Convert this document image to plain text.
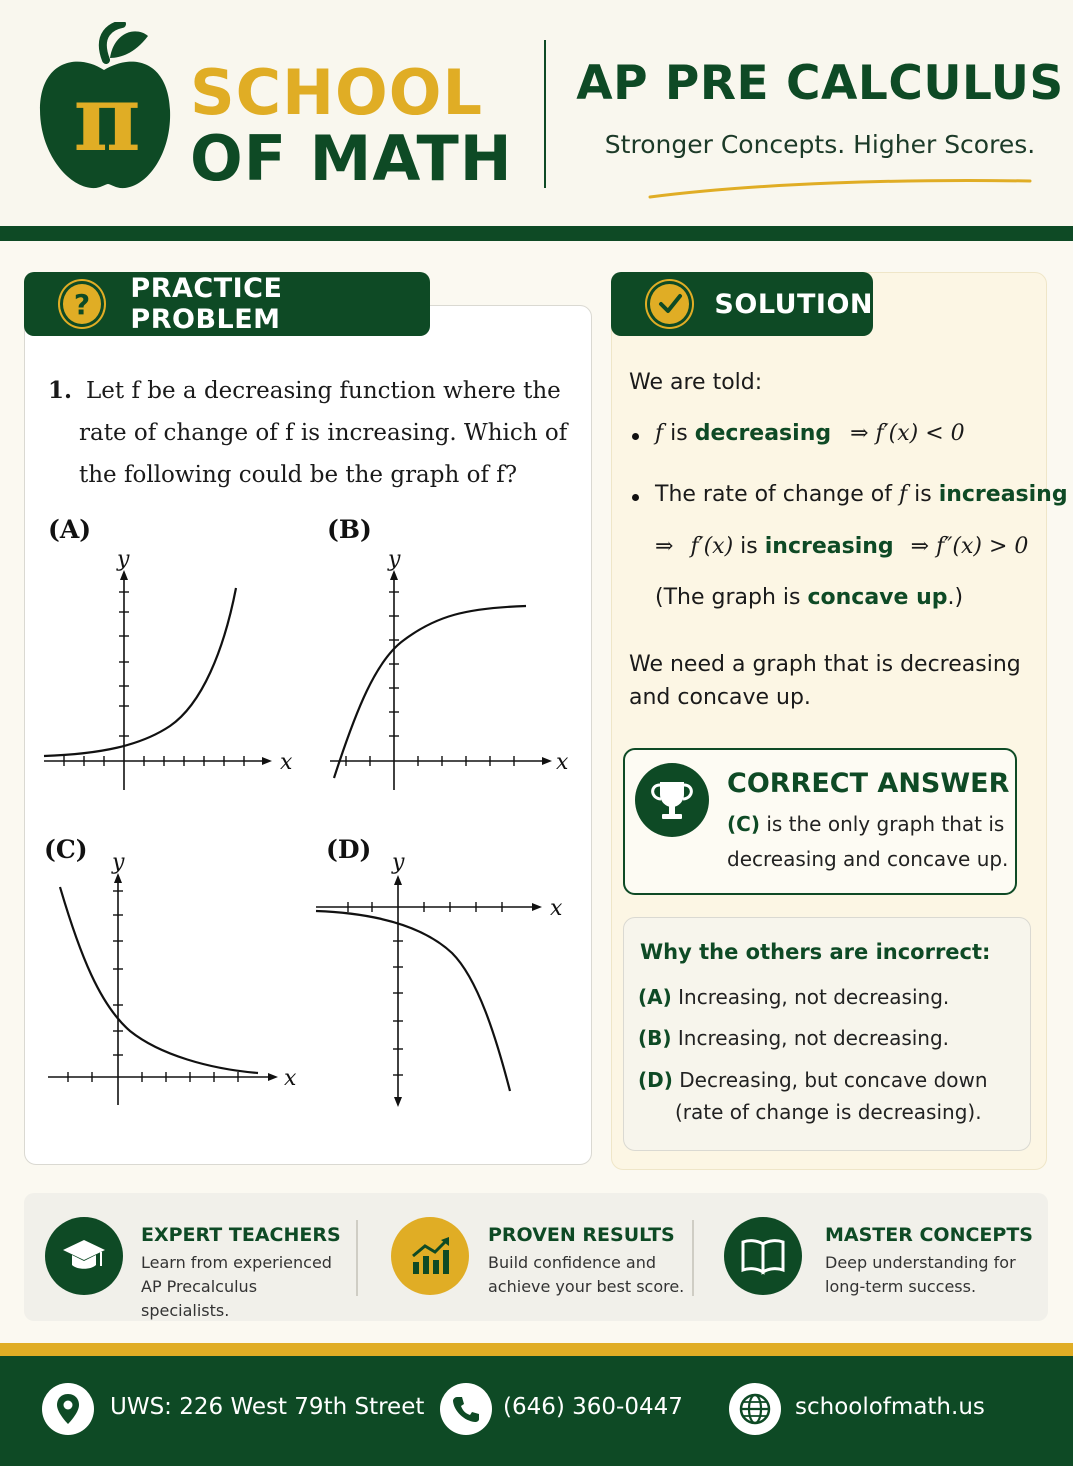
π SCHOOL
OF MATH
AP PRE CALCULUS
Stronger Concepts. Higher Scores.
?	PRACTICE PROBLEM
1. Let f be a decreasing function where the
rate of change of f is increasing. Which of
the following could be the graph of f?
(A)	(B)
(C)	(D)
x
y
x
y
x
y
x
y
SOLUTION
We are told:
f is decreasing ⇒ f′(x) < 0
The rate of change of f is increasing
⇒ f′(x) is increasing ⇒ f″(x) > 0
(The graph is concave up.)
We need a graph that is decreasing
and concave up.
CORRECT ANSWER
(C) is the only graph that is
decreasing and concave up.
Why the others are incorrect:
(A) Increasing, not decreasing.
(B) Increasing, not decreasing.
(D) Decreasing, but concave down
(rate of change is decreasing).
EXPERT TEACHERS
Learn from experienced
AP Precalculus specialists.
PROVEN RESULTS
Build confidence and
achieve your best score.
MASTER CONCEPTS
Deep understanding for
long-term success.
UWS: 226 West 79th Street	(646) 360-0447	schoolofmath.us
